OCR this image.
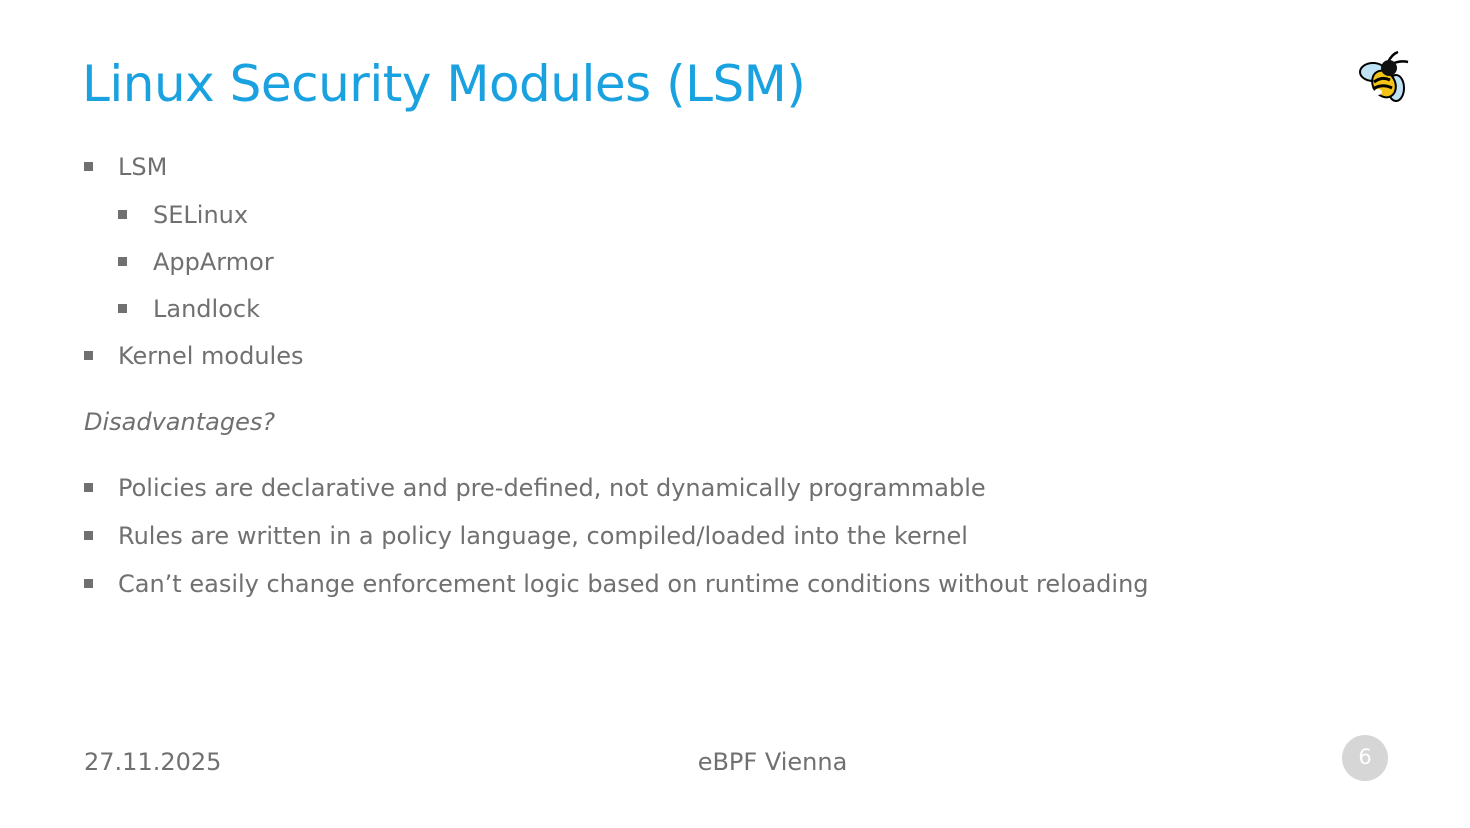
Linux Security Modules (LSM)
LSM
SELinux
AppArmor
Landlock
Kernel modules
Disadvantages?
Policies are declarative and pre-defined, not dynamically programmable
Rules are written in a policy language, compiled/loaded into the kernel
Can’t easily change enforcement logic based on runtime conditions without reloading
27.11.2025	eBPF Vienna	6
